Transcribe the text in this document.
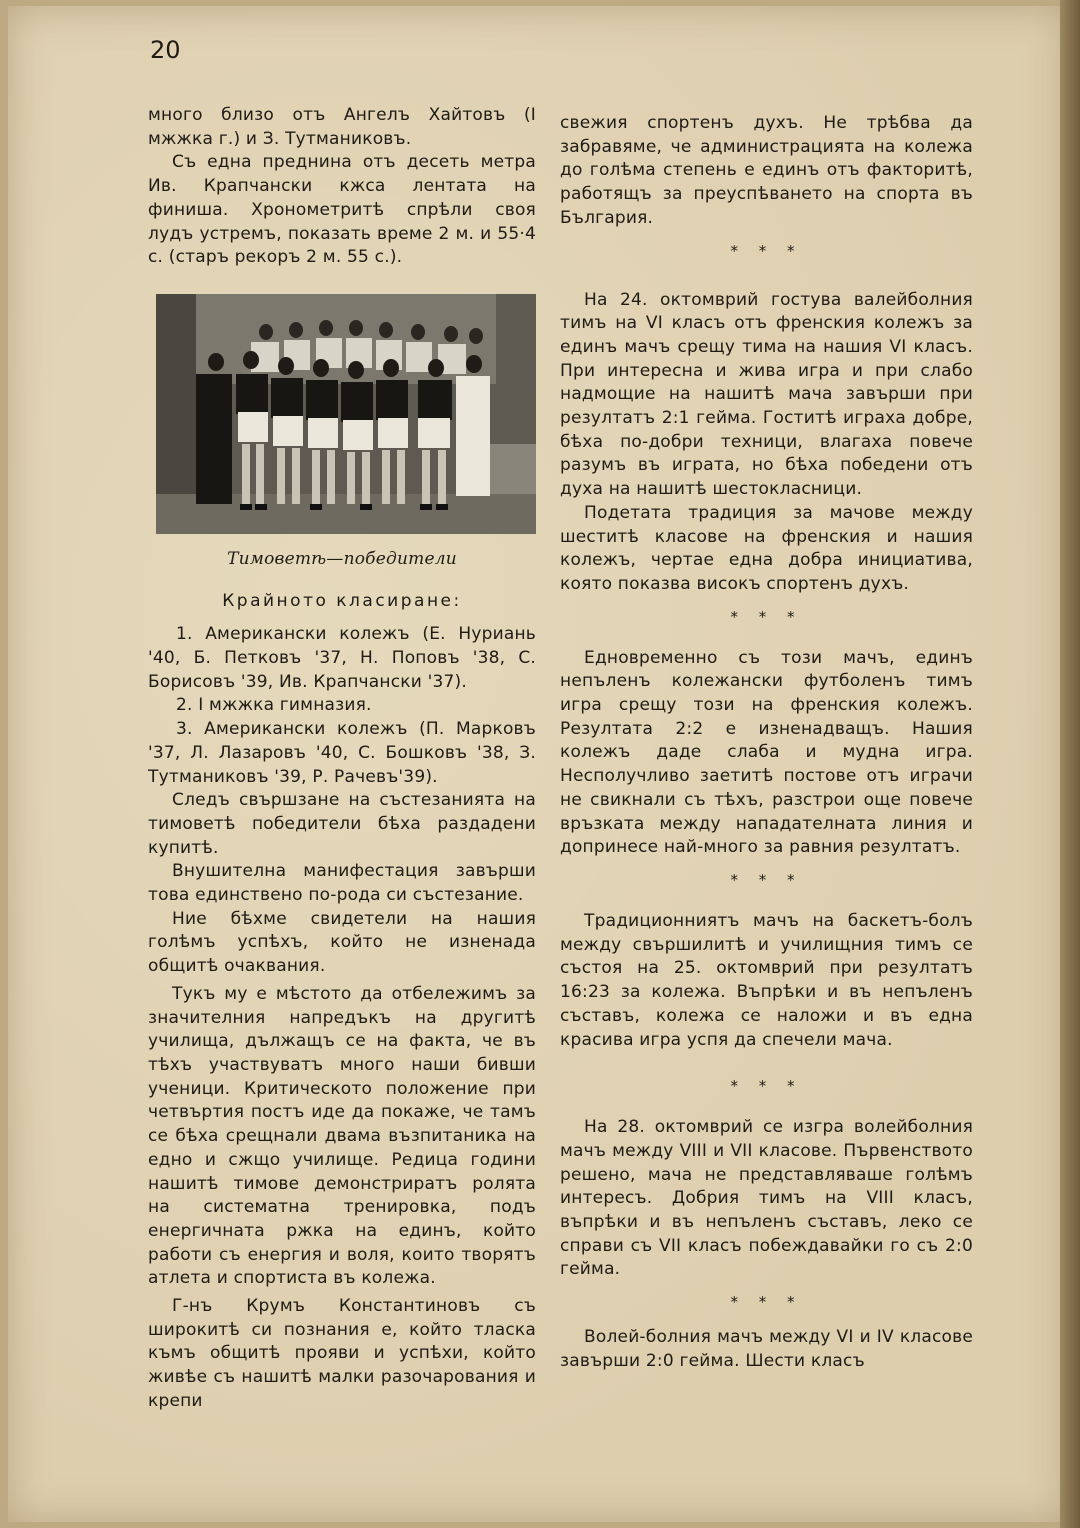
20

много близо отъ Ангелъ Хайтовъ (I мжжка г.) и З. Тутманиковъ.

Съ една преднина отъ десеть метра Ив. Крапчански кжса лентата на финиша. Хронометритѣ спрѣли своя лудъ устремъ, показать време 2 м. и 55·4 с. (старъ рекоръ 2 м. 55 с.).

Тимоветѣ—победители
Крайното класиране:

1. Американски колежъ (Е. Нуриань '40, Б. Петковъ '37, Н. Поповъ '38, С. Борисовъ '39, Ив. Крапчански '37).

2. I мжжка гимназия.

3. Американски колежъ (П. Марковъ '37, Л. Лазаровъ '40, С. Бошковъ '38, З. Тутманиковъ '39, Р. Рачевъ'39).

Следъ свършзане на състезанията на тимоветѣ победители бѣха раздадени купитѣ.

Внушителна манифестация завърши това единствено по-рода си състезание.

Ние бѣхме свидетели на нашия голѣмъ успѣхъ, който не изненада общитѣ очаквания.

Тукъ му е мѣстото да отбележимъ за значителния напредъкъ на другитѣ училища, дължащъ се на факта, че въ тѣхъ участвуватъ много наши бивши ученици. Критическото положение при четвъртия постъ иде да покаже, че тамъ се бѣха срещнали двама възпитаника на едно и сжщо училище. Редица години нашитѣ тимове демонстриратъ ролята на систематна тренировка, подъ енергичната ржка на единъ, който работи съ енергия и воля, които творятъ атлета и спортиста въ колежа.

Г-нъ Крумъ Константиновъ съ широкитѣ си познания е, който тласка къмъ общитѣ прояви и успѣхи, който живѣе съ нашитѣ малки разочарования и крепи

свежия спортенъ духъ. Не трѣбва да забравяме, че администрацията на колежа до голѣма степень е единъ отъ факторитѣ, работящъ за преуспѣването на спорта въ България.

* * *

На 24. октомврий гостува валейболния тимъ на VI класъ отъ френския колежъ за единъ мачъ срещу тима на нашия VI класъ. При интересна и жива игра и при слабо надмощие на нашитѣ мача завърши при резултатъ 2:1 гейма. Гоститѣ играха добре, бѣха по-добри техници, влагаха повече разумъ въ играта, но бѣха победени отъ духа на нашитѣ шестокласници.

Подетата традиция за мачове между шеститѣ класове на френския и нашия колежъ, чертае една добра инициатива, която показва високъ спортенъ духъ.

* * *

Едновременно съ този мачъ, единъ непъленъ колежански футболенъ тимъ игра срещу този на френския колежъ. Резултата 2:2 е изненадващъ. Нашия колежъ даде слаба и мудна игра. Несполучливо заетитѣ постове отъ играчи не свикнали съ тѣхъ, разстрои още повече връзката между нападателната линия и допринесе най-много за равния резултатъ.

* * *

Традиционниятъ мачъ на баскетъ-болъ между свършилитѣ и училищния тимъ се състоя на 25. октомврий при резултатъ 16:23 за колежа. Въпрѣки и въ непъленъ съставъ, колежа се наложи и въ една красива игра успя да спечели мача.

* * *

На 28. октомврий се изгра волейболния мачъ между VIII и VII класове. Първенството решено, мача не представляваше голѣмъ интересъ. Добрия тимъ на VIII класъ, въпрѣки и въ непъленъ съставъ, леко се справи съ VII класъ побеждавайки го съ 2:0 гейма.

* * *

Волей-болния мачъ между VI и IV класове завърши 2:0 гейма. Шести класъ
